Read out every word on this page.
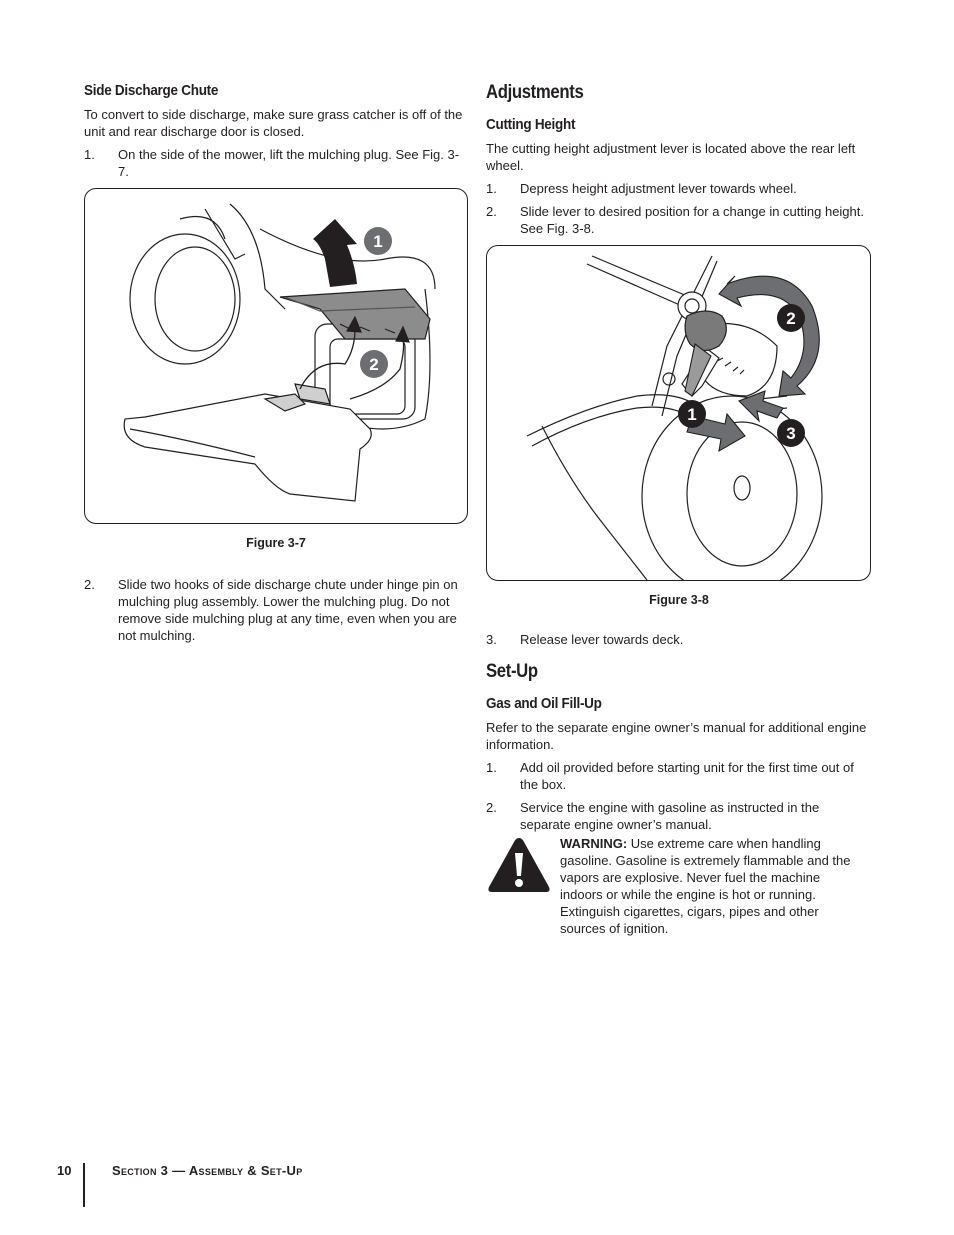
Side Discharge Chute

To convert to side discharge, make sure grass catcher is off of the unit and rear discharge door is closed.

1. On the side of the mower, lift the mulching plug. See Fig. 3-7.
1
2
Figure 3-7
2. Slide two hooks of side discharge chute under hinge pin on mulching plug assembly. Lower the mulching plug. Do not remove side mulching plug at any time, even when you are not mulching.
Adjustments
Cutting Height

The cutting height adjustment lever is located above the rear left wheel.

1. Depress height adjustment lever towards wheel.
2. Slide lever to desired position for a change in cutting height. See Fig. 3-8.
2
1
3
Figure 3-8
3. Release lever towards deck.
Set-Up
Gas and Oil Fill-Up

Refer to the separate engine owner’s manual for additional engine information.

1. Add oil provided before starting unit for the first time out of the box.
2. Service the engine with gasoline as instructed in the separate engine owner’s manual.
WARNING: Use extreme care when handling gasoline. Gasoline is extremely flammable and the vapors are explosive. Never fuel the machine indoors or while the engine is hot or running. Extinguish cigarettes, cigars, pipes and other sources of ignition.
10	Section 3 — Assembly & Set-Up
